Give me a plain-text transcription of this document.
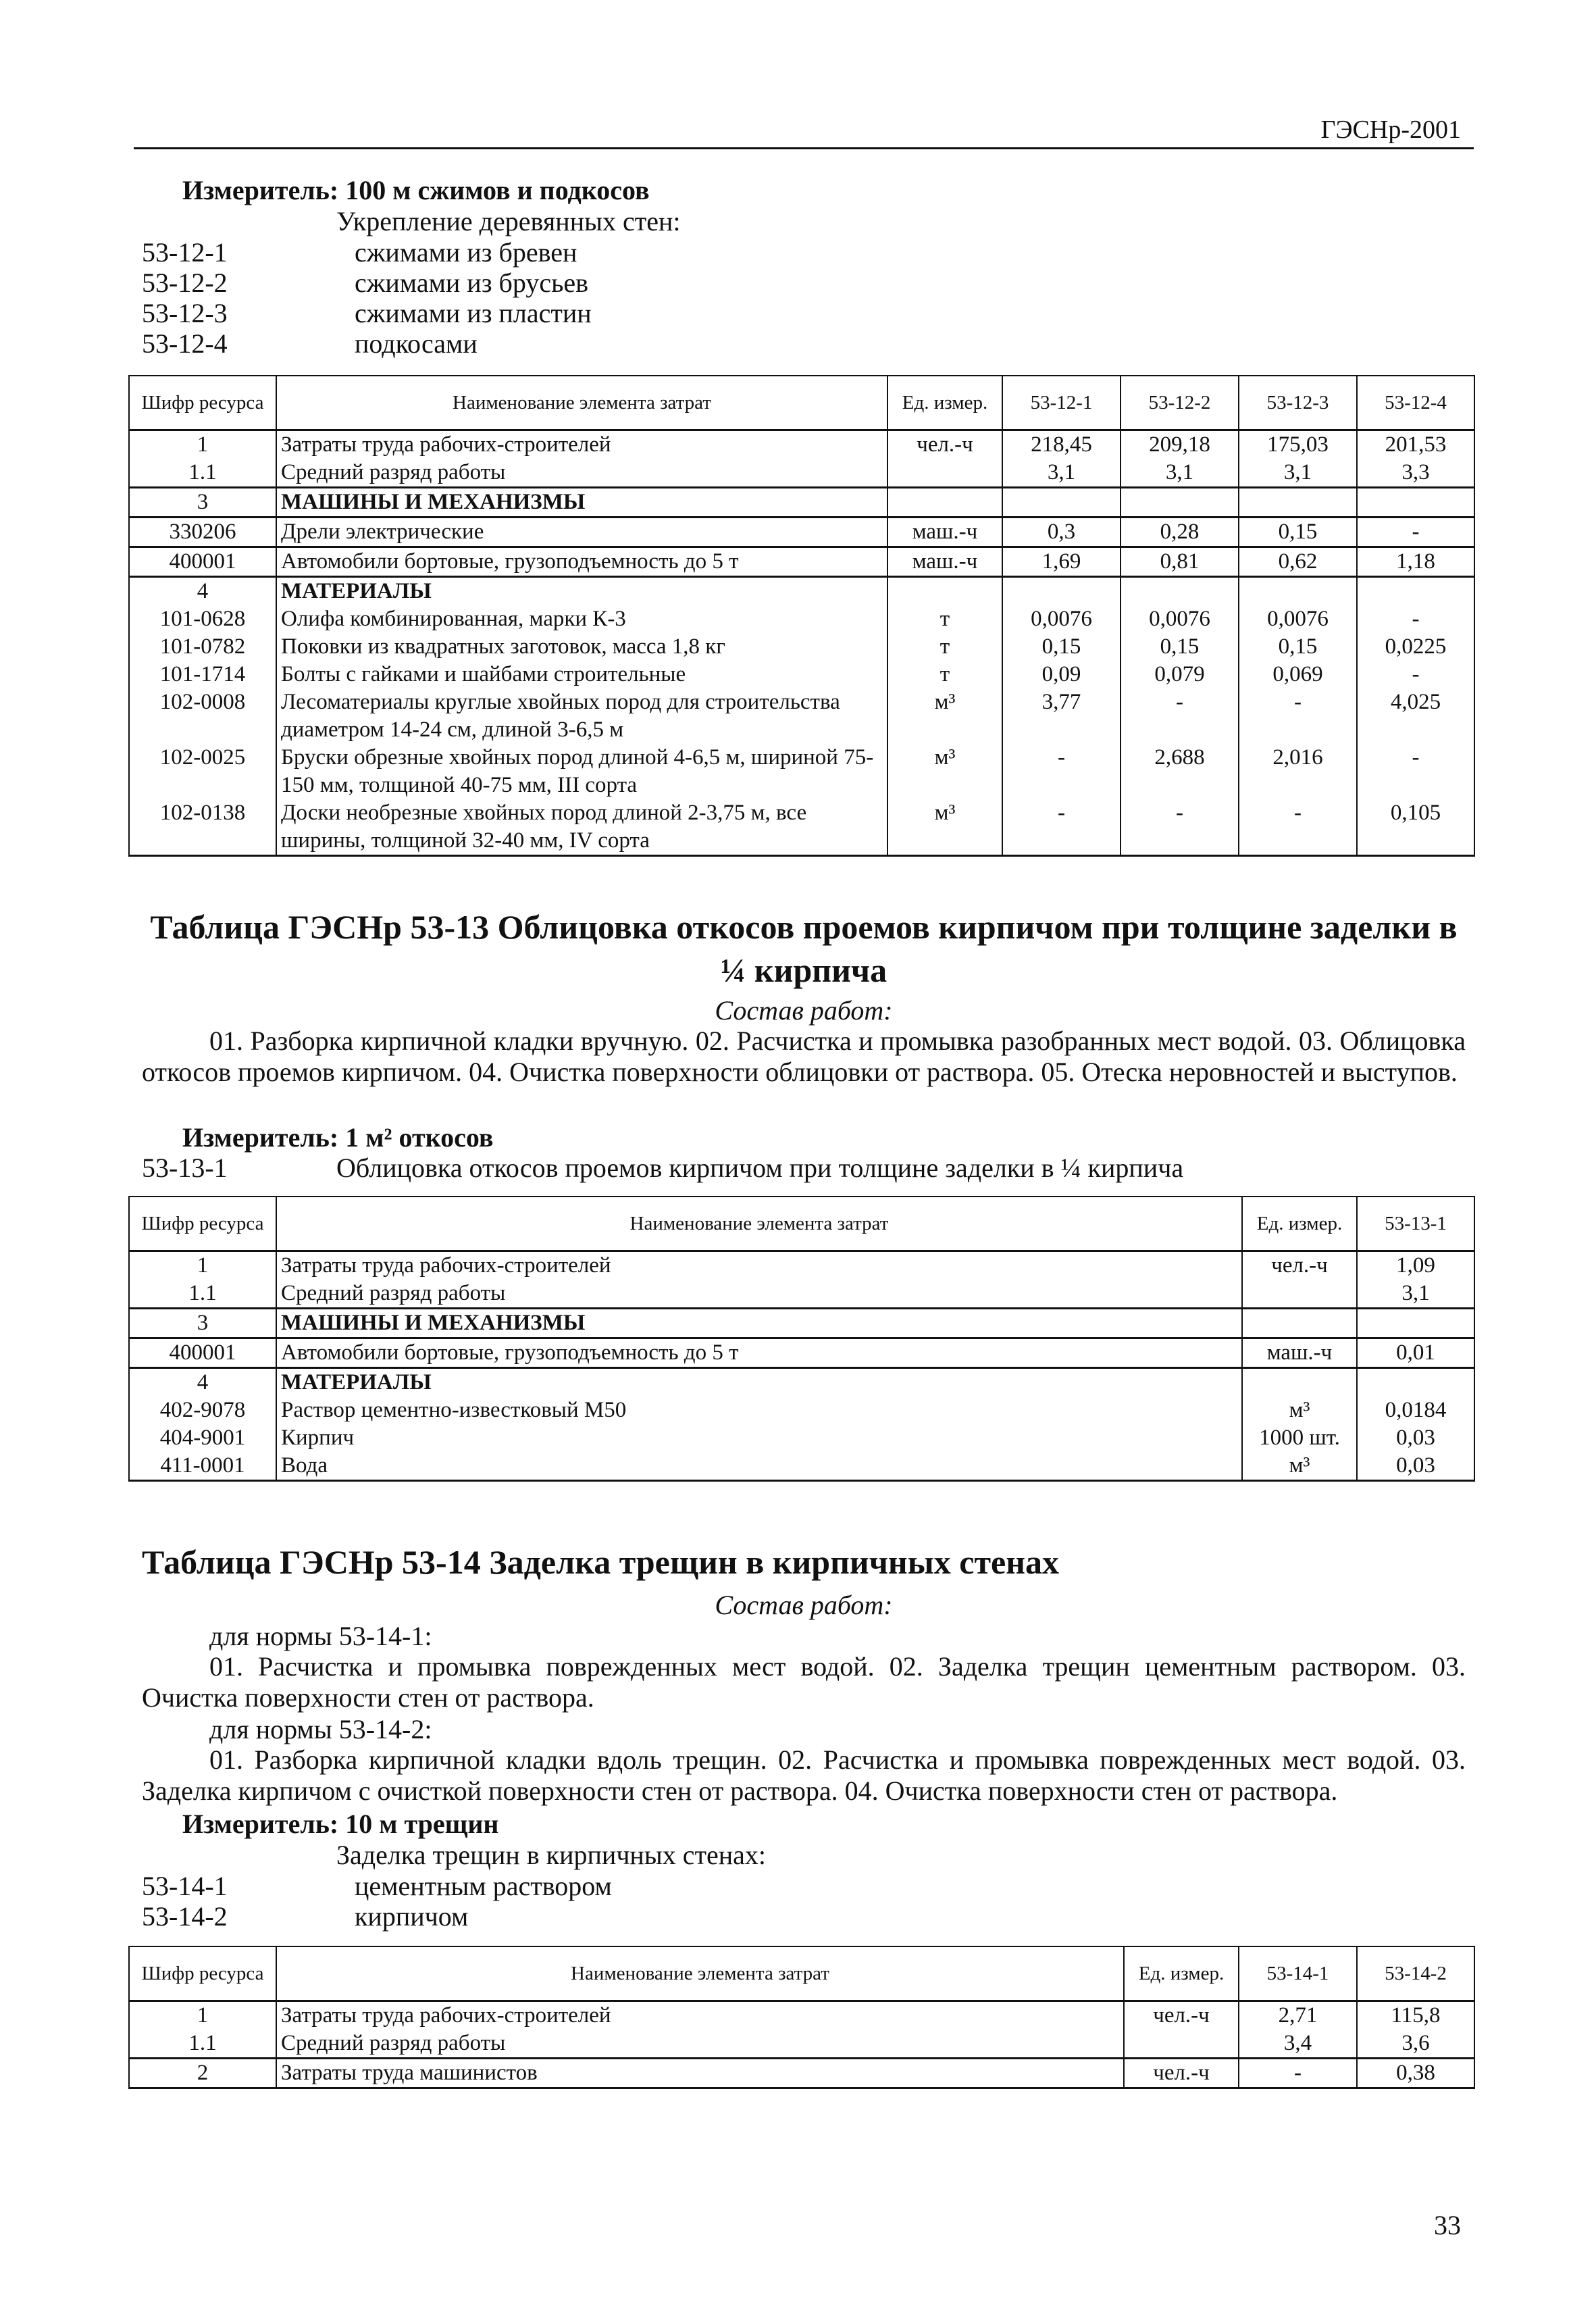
ГЭСНр-2001
Измеритель: 100 м сжимов и подкосов
Укрепление деревянных стен:
53-12-1	сжимами из бревен
53-12-2	сжимами из брусьев
53-12-3	сжимами из пластин
53-12-4	подкосами
Шифр ресурса	Наименование элемента затрат	Ед. измер.	53-12-1	53-12-2	53-12-3	53-12-4
1	Затраты труда рабочих-строителей	чел.-ч	218,45	209,18	175,03	201,53
1.1	Средний разряд работы		3,1	3,1	3,1	3,3
3	МАШИНЫ И МЕХАНИЗМЫ					
330206	Дрели электрические	маш.-ч	0,3	0,28	0,15	-
400001	Автомобили бортовые, грузоподъемность до 5 т	маш.-ч	1,69	0,81	0,62	1,18
4	МАТЕРИАЛЫ					
101-0628	Олифа комбинированная, марки К-3	т	0,0076	0,0076	0,0076	-
101-0782	Поковки из квадратных заготовок, масса 1,8 кг	т	0,15	0,15	0,15	0,0225
101-1714	Болты с гайками и шайбами строительные	т	0,09	0,079	0,069	-
102-0008	Лесоматериалы круглые хвойных пород для строительства диаметром 14-24 см, длиной 3-6,5 м	м³	3,77	-	-	4,025
102-0025	Бруски обрезные хвойных пород длиной 4-6,5 м, шириной 75-150 мм, толщиной 40-75 мм, III сорта	м³	-	2,688	2,016	-
102-0138	Доски необрезные хвойных пород длиной 2-3,75 м, все ширины, толщиной 32-40 мм, IV сорта	м³	-	-	-	0,105
Таблица ГЭСНр 53-13 Облицовка откосов проемов кирпичом при толщине заделки в ¼ кирпича
Состав работ:
01. Разборка кирпичной кладки вручную. 02. Расчистка и промывка разобранных мест водой. 03. Облицовка откосов проемов кирпичом. 04. Очистка поверхности облицовки от раствора. 05. Отеска неровностей и выступов.
Измеритель: 1 м² откосов
53-13-1	Облицовка откосов проемов кирпичом при толщине заделки в ¼ кирпича
Шифр ресурса	Наименование элемента затрат	Ед. измер.	53-13-1
1	Затраты труда рабочих-строителей	чел.-ч	1,09
1.1	Средний разряд работы		3,1
3	МАШИНЫ И МЕХАНИЗМЫ		
400001	Автомобили бортовые, грузоподъемность до 5 т	маш.-ч	0,01
4	МАТЕРИАЛЫ		
402-9078	Раствор цементно-известковый М50	м³	0,0184
404-9001	Кирпич	1000 шт.	0,03
411-0001	Вода	м³	0,03
Таблица ГЭСНр 53-14 Заделка трещин в кирпичных стенах
Состав работ:
для нормы 53-14-1:
01. Расчистка и промывка поврежденных мест водой. 02. Заделка трещин цементным раствором. 03. Очистка поверхности стен от раствора.
для нормы 53-14-2:
01. Разборка кирпичной кладки вдоль трещин. 02. Расчистка и промывка поврежденных мест водой. 03. Заделка кирпичом с очисткой поверхности стен от раствора. 04. Очистка поверхности стен от раствора.
Измеритель: 10 м трещин
Заделка трещин в кирпичных стенах:
53-14-1	цементным раствором
53-14-2	кирпичом
Шифр ресурса	Наименование элемента затрат	Ед. измер.	53-14-1	53-14-2
1	Затраты труда рабочих-строителей	чел.-ч	2,71	115,8
1.1	Средний разряд работы		3,4	3,6
2	Затраты труда машинистов	чел.-ч	-	0,38
33
